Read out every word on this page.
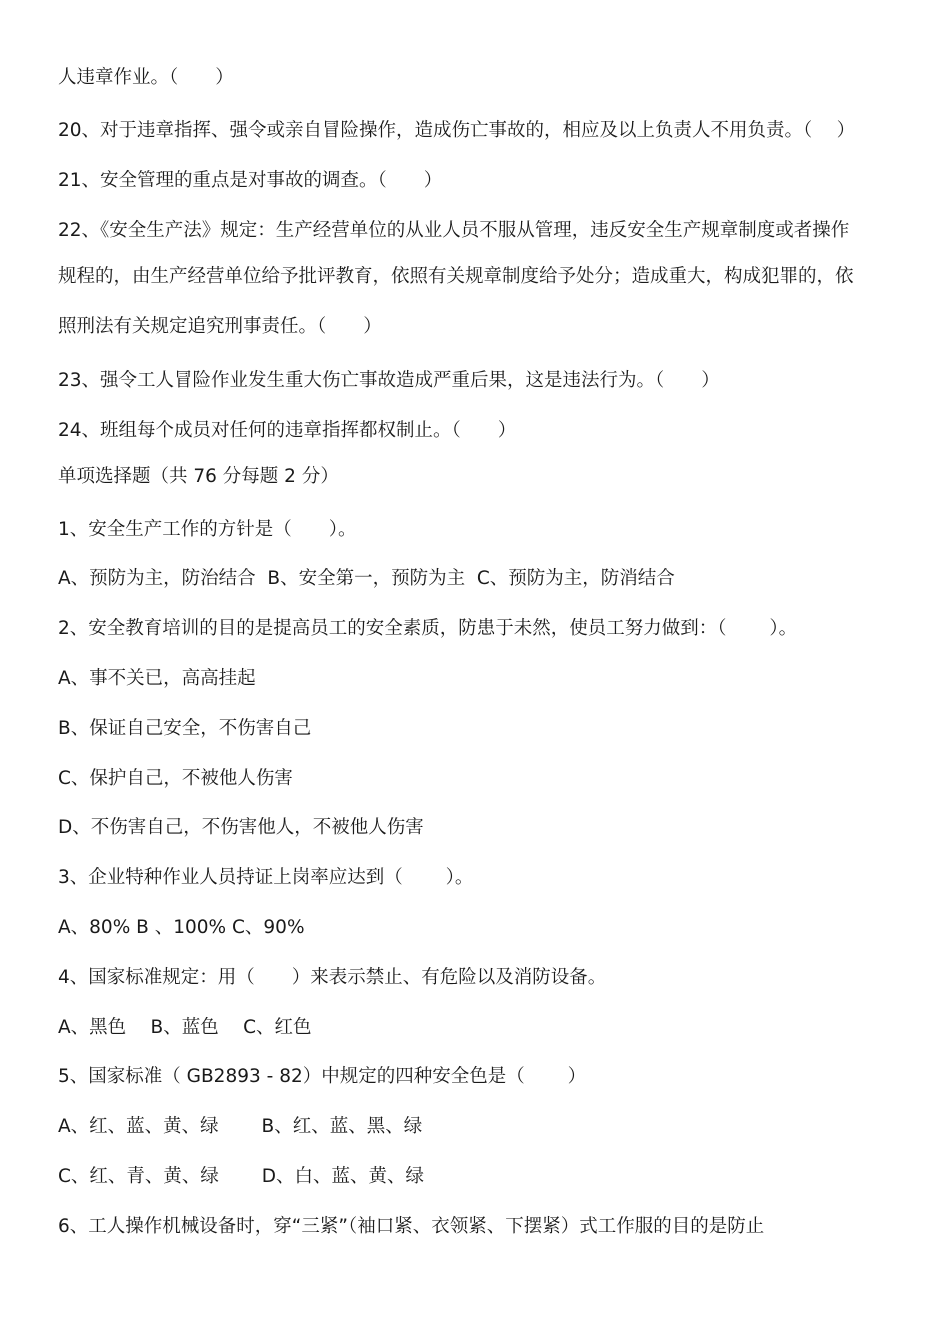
人违章作业。（　　）
20、对于违章指挥、强令或亲自冒险操作，造成伤亡事故的，相应及以上负责人不用负责。（　 ）
21、安全管理的重点是对事故的调查。（　　）
22、《安全生产法》规定：生产经营单位的从业人员不服从管理，违反安全生产规章制度或者操作
规程的，由生产经营单位给予批评教育，依照有关规章制度给予处分；造成重大，构成犯罪的，依
照刑法有关规定追究刑事责任。（　　）
23、强令工人冒险作业发生重大伤亡事故造成严重后果，这是违法行为。（　　）
24、班组每个成员对任何的违章指挥都权制止。（　　）
单项选择题（共 76 分每题 2 分）
1、安全生产工作的方针是（　　）。
A、预防为主，防治结合  B、安全第一，预防为主  C、预防为主，防消结合
2、安全教育培训的目的是提高员工的安全素质，防患于未然，使员工努力做到：（　　 ）。
A、事不关已，高高挂起
B、保证自己安全，不伤害自己
C、保护自己，不被他人伤害
D、不伤害自己，不伤害他人，不被他人伤害
3、企业特种作业人员持证上岗率应达到（　　 ）。
A、80% B 、100% C、90%
4、国家标准规定：用（　　）来表示禁止、有危险以及消防设备。
A、黑色　 B、蓝色　 C、红色
5、国家标准（ GB2893 - 82）中规定的四种安全色是（　　 ）
A、红、蓝、黄、绿　　 B、红、蓝、黑、绿
C、红、青、黄、绿　　 D、白、蓝、黄、绿
6、工人操作机械设备时，穿“三紧”（袖口紧、衣领紧、下摆紧）式工作服的目的是防止
